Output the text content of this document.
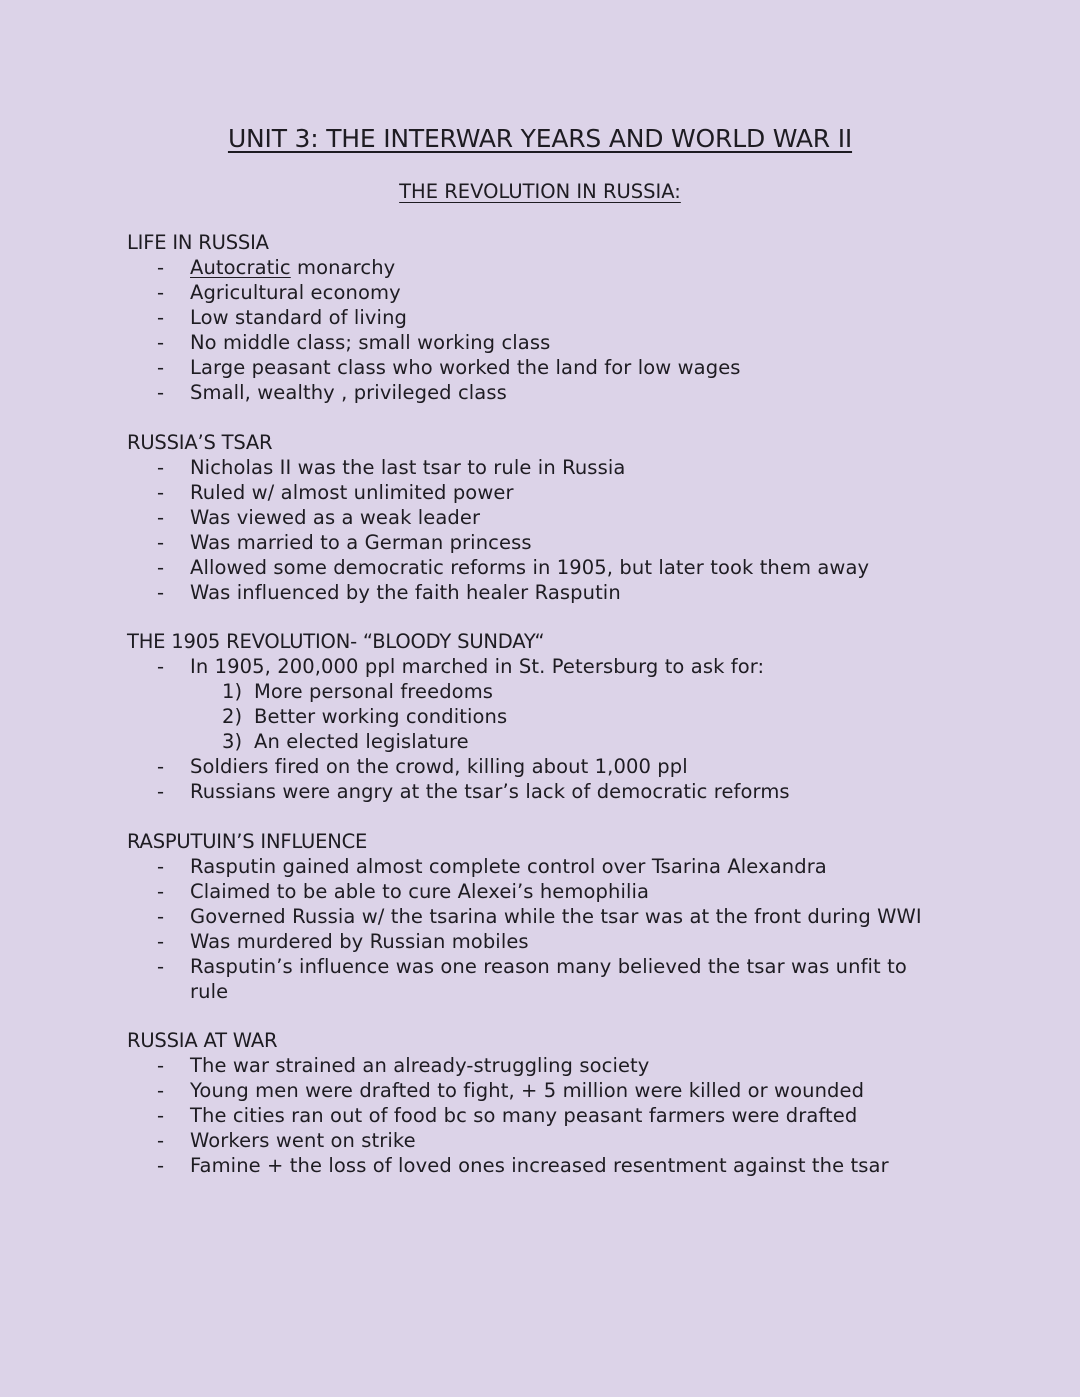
UNIT 3: THE INTERWAR YEARS AND WORLD WAR II
THE REVOLUTION IN RUSSIA:
LIFE IN RUSSIA
- Autocratic monarchy
- Agricultural economy
- Low standard of living
- No middle class; small working class
- Large peasant class who worked the land for low wages
- Small, wealthy , privileged class
RUSSIA’S TSAR
- Nicholas II was the last tsar to rule in Russia
- Ruled w/ almost unlimited power
- Was viewed as a weak leader
- Was married to a German princess
- Allowed some democratic reforms in 1905, but later took them away
- Was influenced by the faith healer Rasputin
THE 1905 REVOLUTION- “BLOODY SUNDAY“
- In 1905, 200,000 ppl marched in St. Petersburg to ask for:
1) More personal freedoms
2) Better working conditions
3) An elected legislature
- Soldiers fired on the crowd, killing about 1,000 ppl
- Russians were angry at the tsar’s lack of democratic reforms
RASPUTUIN’S INFLUENCE
- Rasputin gained almost complete control over Tsarina Alexandra
- Claimed to be able to cure Alexei’s hemophilia
- Governed Russia w/ the tsarina while the tsar was at the front during WWI
- Was murdered by Russian mobiles
- Rasputin’s influence was one reason many believed the tsar was unfit to rule
RUSSIA AT WAR
- The war strained an already-struggling society
- Young men were drafted to fight, + 5 million were killed or wounded
- The cities ran out of food bc so many peasant farmers were drafted
- Workers went on strike
- Famine + the loss of loved ones increased resentment against the tsar
